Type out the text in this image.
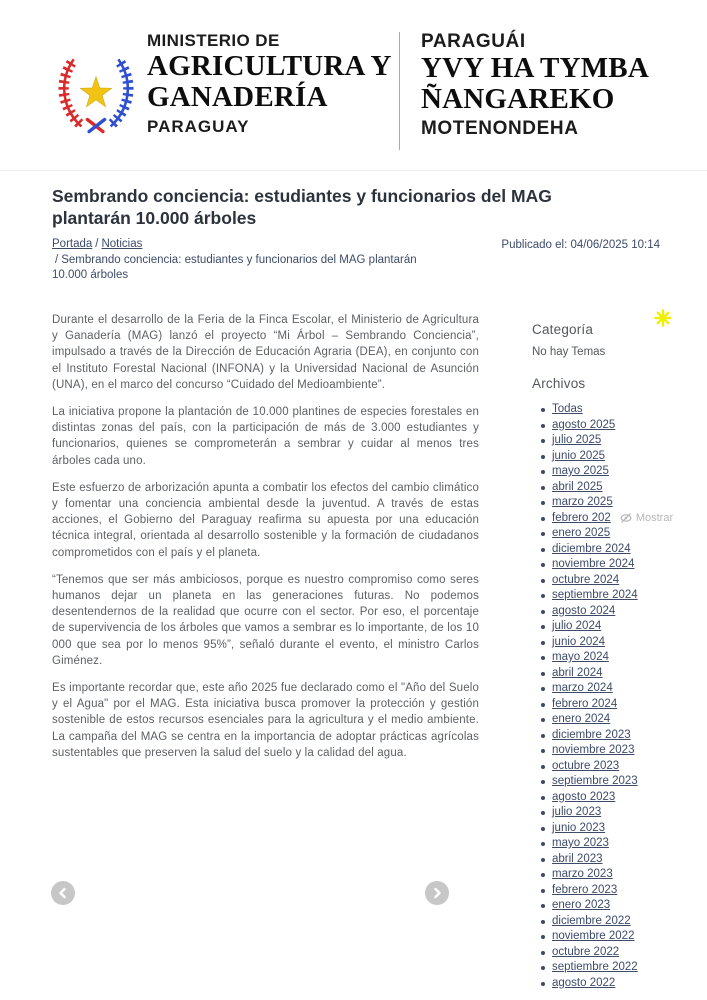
MINISTERIO DE
AGRICULTURA Y
GANADERÍA
PARAGUAY
PARAGUÁI
YVY HA TYMBA
ÑANGAREKO
MOTENONDEHA
Sembrando conciencia: estudiantes y funcionarios del MAG plantarán 10.000 árboles
Portada / Noticias
/ Sembrando conciencia: estudiantes y funcionarios del MAG plantarán 10.000 árboles
Publicado el: 04/06/2025 10:14

Durante el desarrollo de la Feria de la Finca Escolar, el Ministerio de Agricultura y Ganadería (MAG) lanzó el proyecto “Mi Árbol – Sembrando Conciencia”, impulsado a través de la Dirección de Educación Agraria (DEA), en conjunto con el Instituto Forestal Nacional (INFONA) y la Universidad Nacional de Asunción (UNA), en el marco del concurso “Cuidado del Medioambiente”.

La iniciativa propone la plantación de 10.000 plantines de especies forestales en distintas zonas del país, con la participación de más de 3.000 estudiantes y funcionarios, quienes se comprometerán a sembrar y cuidar al menos tres árboles cada uno.

Este esfuerzo de arborización apunta a combatir los efectos del cambio climático y fomentar una conciencia ambiental desde la juventud. A través de estas acciones, el Gobierno del Paraguay reafirma su apuesta por una educación técnica integral, orientada al desarrollo sostenible y la formación de ciudadanos comprometidos con el país y el planeta.

“Tenemos que ser más ambiciosos, porque es nuestro compromiso como seres humanos dejar un planeta en las generaciones futuras. No podemos desentendernos de la realidad que ocurre con el sector. Por eso, el porcentaje de supervivencia de los árboles que vamos a sembrar es lo importante, de los 10 000 que sea por lo menos 95%”, señaló durante el evento, el ministro Carlos Giménez.

Es importante recordar que, este año 2025 fue declarado como el "Año del Suelo y el Agua" por el MAG. Esta iniciativa busca promover la protección y gestión sostenible de estos recursos esenciales para la agricultura y el medio ambiente. La campaña del MAG se centra en la importancia de adoptar prácticas agrícolas sustentables que preserven la salud del suelo y la calidad del agua.

Categoría
No hay Temas
Archivos
Todas
agosto 2025
julio 2025
junio 2025
mayo 2025
abril 2025
marzo 2025
febrero 202 Mostrar
enero 2025
diciembre 2024
noviembre 2024
octubre 2024
septiembre 2024
agosto 2024
julio 2024
junio 2024
mayo 2024
abril 2024
marzo 2024
febrero 2024
enero 2024
diciembre 2023
noviembre 2023
octubre 2023
septiembre 2023
agosto 2023
julio 2023
junio 2023
mayo 2023
abril 2023
marzo 2023
febrero 2023
enero 2023
diciembre 2022
noviembre 2022
octubre 2022
septiembre 2022
agosto 2022
